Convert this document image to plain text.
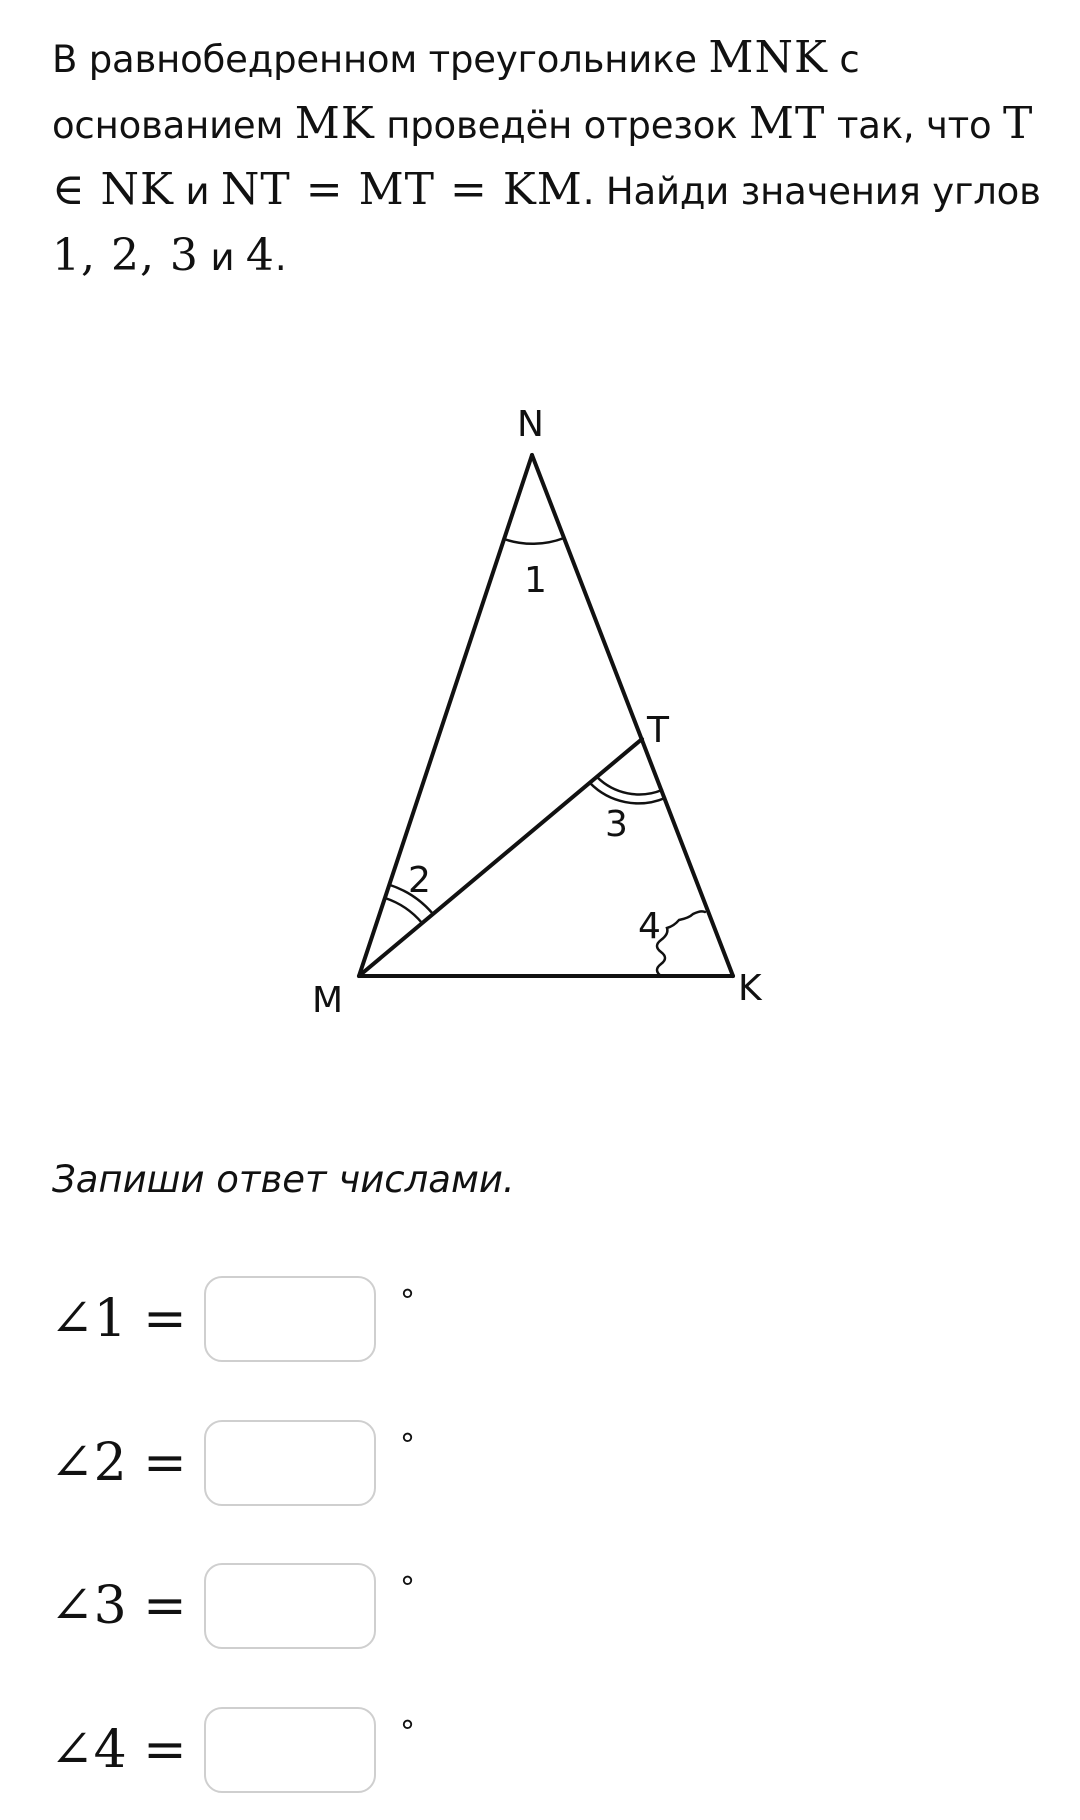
В равнобедренном треугольнике MNK с основанием MK проведён отрезок MT так, что T ∈ NK и NT = MT = KM. Найди значения углов 1, 2, 3 и 4.
N
M	K
T
1
2
3
4

Запиши ответ числами.

∠1 =	°
∠2 =	°
∠3 =	°
∠4 =	°
